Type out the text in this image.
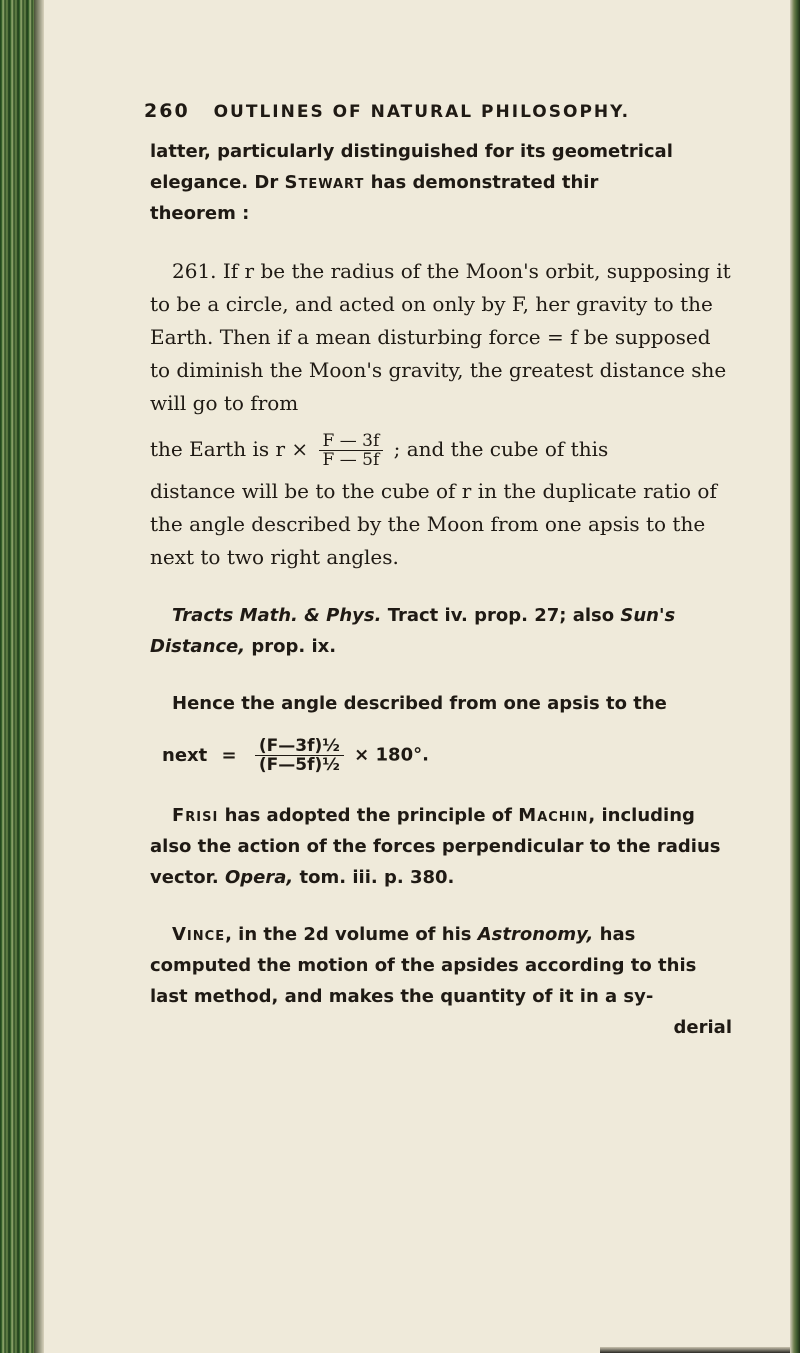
260 OUTLINES OF NATURAL PHILOSOPHY.
latter, particularly distinguished for its geometrical
elegance. Dr Stewart has demonstrated thir
theorem :
261. If r be the radius of the Moon's orbit, supposing it to be a circle, and acted on only by F, her gravity to the Earth. Then if a mean disturbing force = f be supposed to diminish the Moon's gravity, the greatest distance she will go to from
the Earth is $r \times \frac{F — 3f}{F — 5f}$ ; and the cube of this
distance will be to the cube of r in the duplicate ratio of the angle described by the Moon from one apsis to the next to two right angles.
Tracts Math. & Phys. Tract iv. prop. 27; also Sun's Distance, prop. ix.
Hence the angle described from one apsis to the
next = $\frac{\text{(F—3f)½}}{\text{(F—5f)½}} \times 180^\circ$.
Frisi has adopted the principle of Machin, including also the action of the forces perpendicular to the radius vector. Opera, tom. iii. p. 380.
Vince, in the 2d volume of his Astronomy, has computed the motion of the apsides according to this last method, and makes the quantity of it in a sy-
derial
